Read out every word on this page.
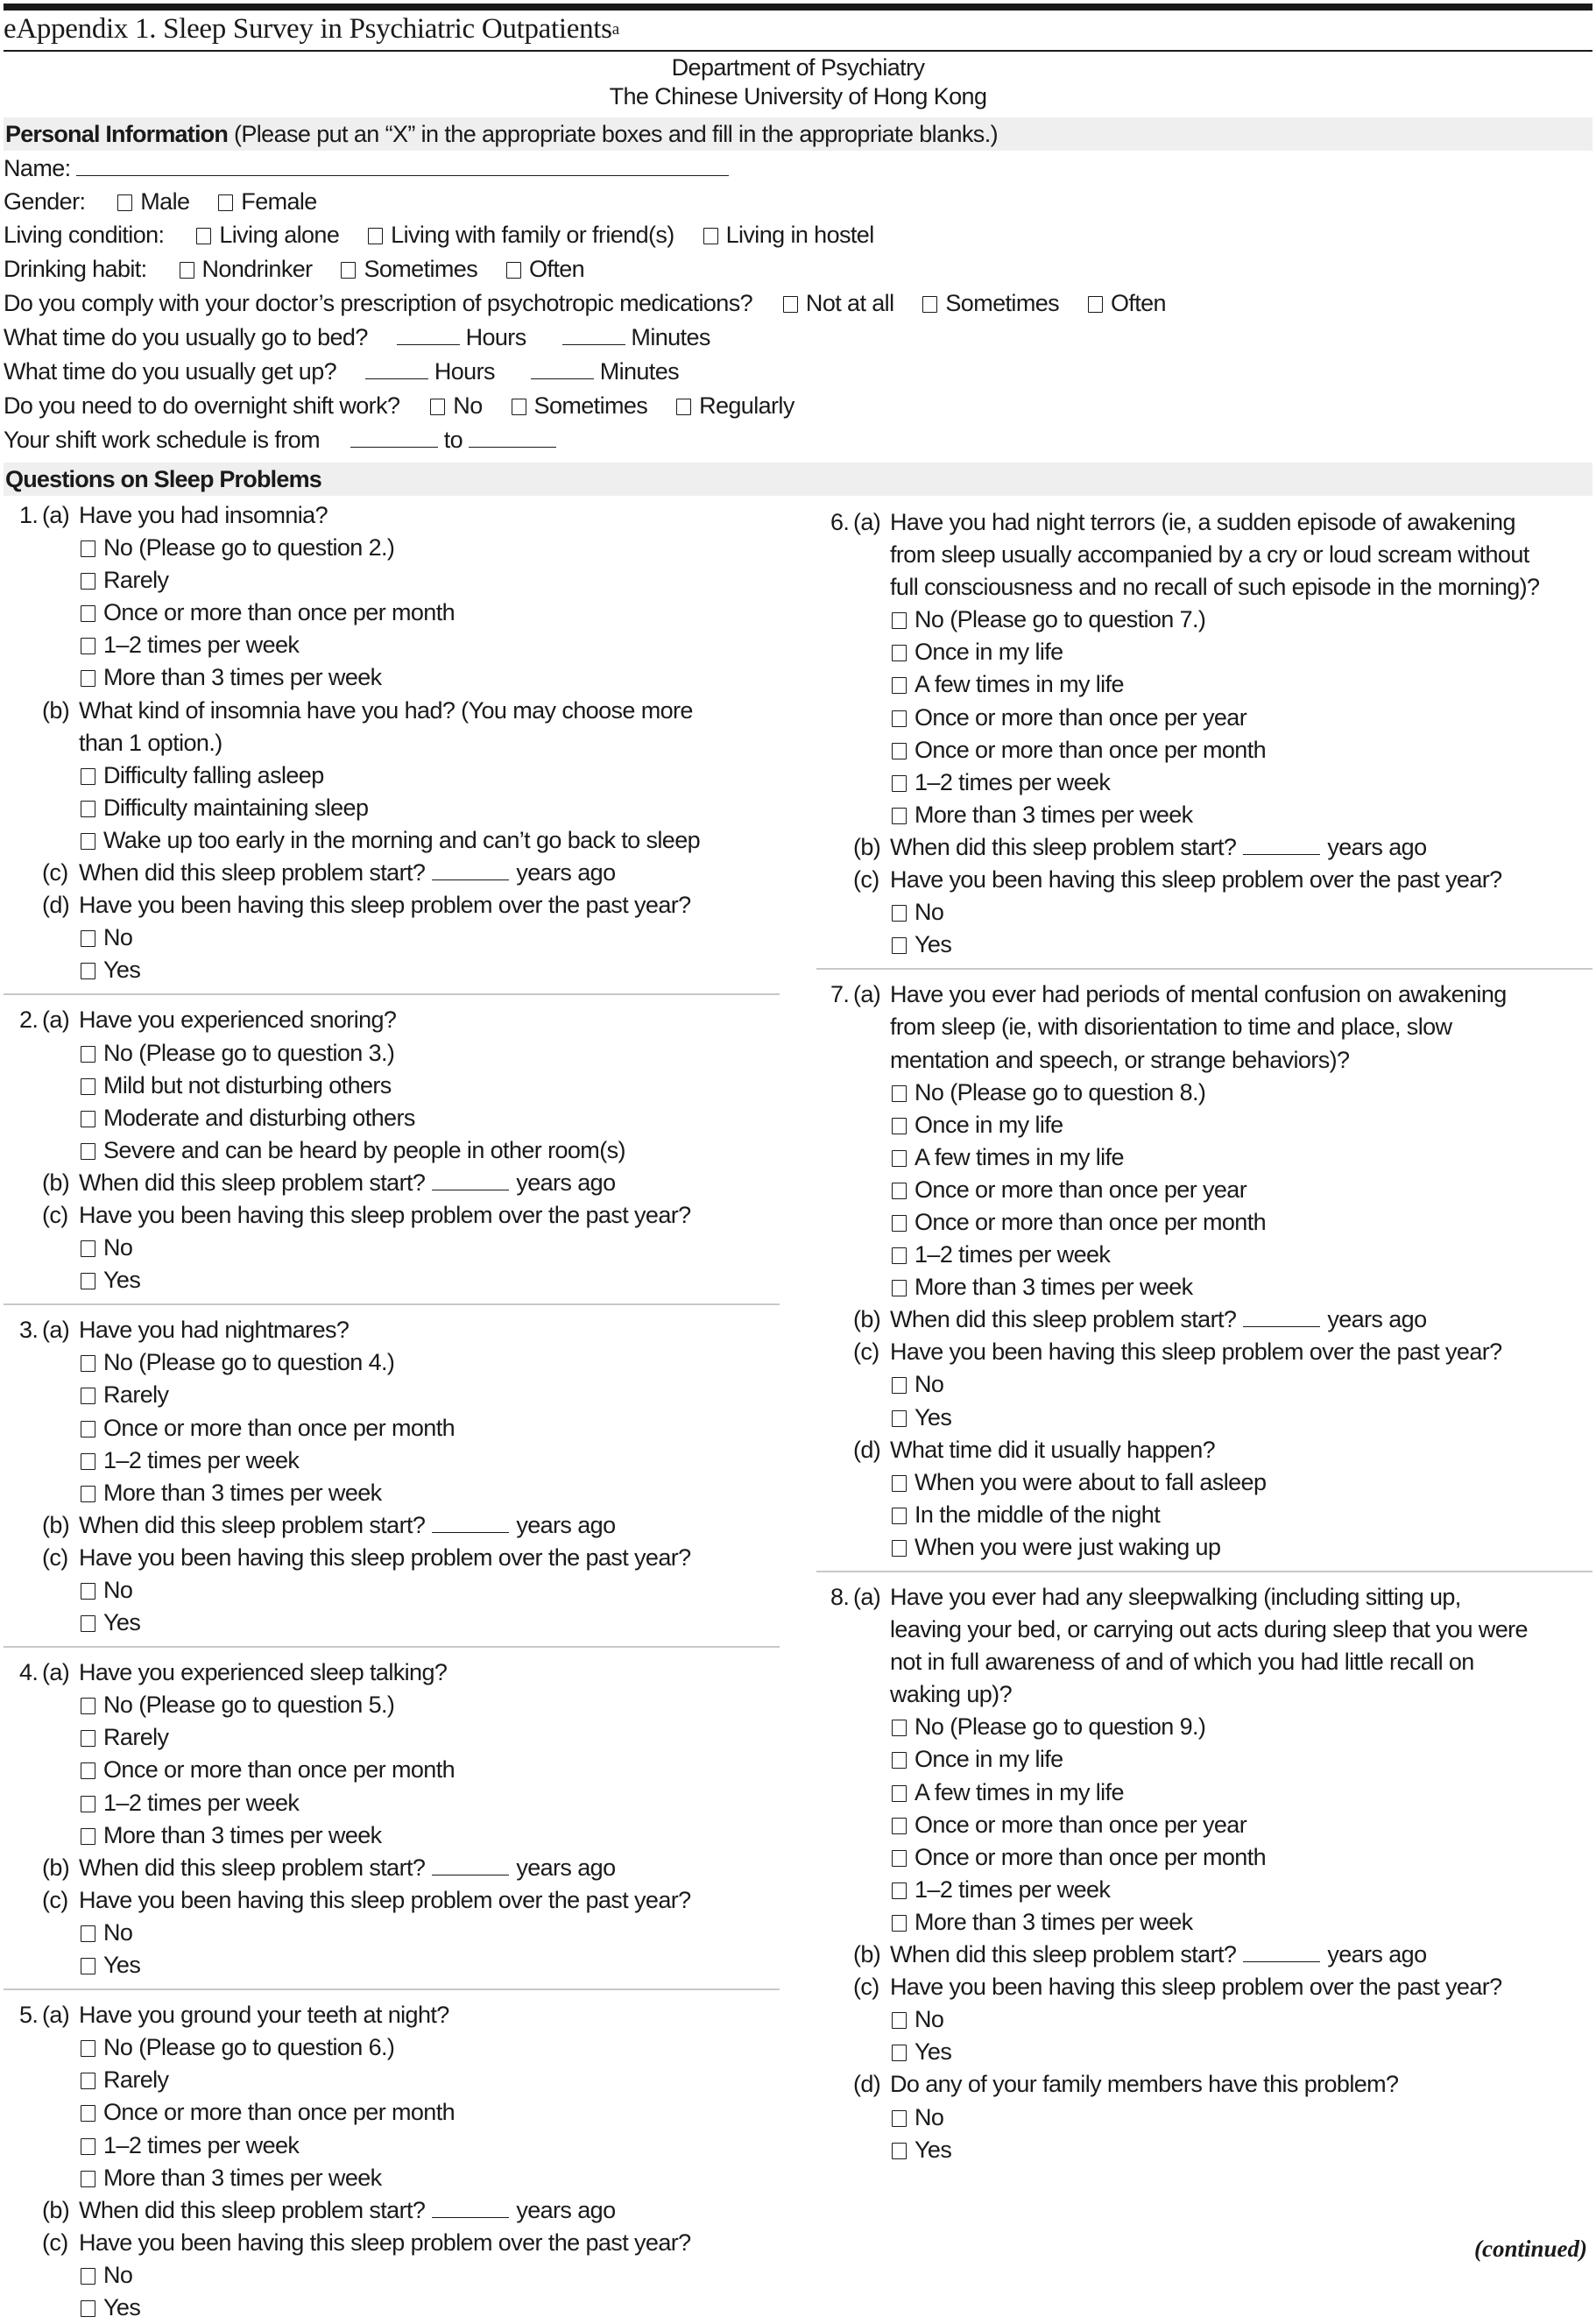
eAppendix 1. Sleep Survey in Psychiatric Outpatients$^a$
Department of Psychiatry
The Chinese University of Hong Kong
Personal Information (Please put an “X” in the appropriate boxes and fill in the appropriate blanks.)
Name:
Gender: Male Female
Living condition: Living alone Living with family or friend(s) Living in hostel
Drinking habit: Nondrinker Sometimes Often
Do you comply with your doctor’s prescription of psychotropic medications? Not at all Sometimes Often
What time do you usually go to bed?	Hours	Minutes
What time do you usually get up?	Hours	Minutes
Do you need to do overnight shift work? No Sometimes Regularly
Your shift work schedule is from	to
Questions on Sleep Problems
1. (a) Have you had insomnia?
No (Please go to question 2.)
Rarely
Once or more than once per month
1–2 times per week
More than 3 times per week
(b) What kind of insomnia have you had? (You may choose more
than 1 option.)
Difficulty falling asleep
Difficulty maintaining sleep
Wake up too early in the morning and can’t go back to sleep
(c) When did this sleep problem start?	years ago
(d) Have you been having this sleep problem over the past year?
No
Yes
2. (a) Have you experienced snoring?
No (Please go to question 3.)
Mild but not disturbing others
Moderate and disturbing others
Severe and can be heard by people in other room(s)
(b) When did this sleep problem start?	years ago
(c) Have you been having this sleep problem over the past year?
No
Yes
3. (a) Have you had nightmares?
No (Please go to question 4.)
Rarely
Once or more than once per month
1–2 times per week
More than 3 times per week
(b) When did this sleep problem start?	years ago
(c) Have you been having this sleep problem over the past year?
No
Yes
4. (a) Have you experienced sleep talking?
No (Please go to question 5.)
Rarely
Once or more than once per month
1–2 times per week
More than 3 times per week
(b) When did this sleep problem start?	years ago
(c) Have you been having this sleep problem over the past year?
No
Yes
5. (a) Have you ground your teeth at night?
No (Please go to question 6.)
Rarely
Once or more than once per month
1–2 times per week
More than 3 times per week
(b) When did this sleep problem start?	years ago
(c) Have you been having this sleep problem over the past year?
No
Yes
6. (a) Have you had night terrors (ie, a sudden episode of awakening
from sleep usually accompanied by a cry or loud scream without
full consciousness and no recall of such episode in the morning)?
No (Please go to question 7.)
Once in my life
A few times in my life
Once or more than once per year
Once or more than once per month
1–2 times per week
More than 3 times per week
(b) When did this sleep problem start?	years ago
(c) Have you been having this sleep problem over the past year?
No
Yes
7. (a) Have you ever had periods of mental confusion on awakening
from sleep (ie, with disorientation to time and place, slow
mentation and speech, or strange behaviors)?
No (Please go to question 8.)
Once in my life
A few times in my life
Once or more than once per year
Once or more than once per month
1–2 times per week
More than 3 times per week
(b) When did this sleep problem start?	years ago
(c) Have you been having this sleep problem over the past year?
No
Yes
(d) What time did it usually happen?
When you were about to fall asleep
In the middle of the night
When you were just waking up
8. (a) Have you ever had any sleepwalking (including sitting up,
leaving your bed, or carrying out acts during sleep that you were
not in full awareness of and of which you had little recall on
waking up)?
No (Please go to question 9.)
Once in my life
A few times in my life
Once or more than once per year
Once or more than once per month
1–2 times per week
More than 3 times per week
(b) When did this sleep problem start?	years ago
(c) Have you been having this sleep problem over the past year?
No
Yes
(d) Do any of your family members have this problem?
No
Yes
(continued)
